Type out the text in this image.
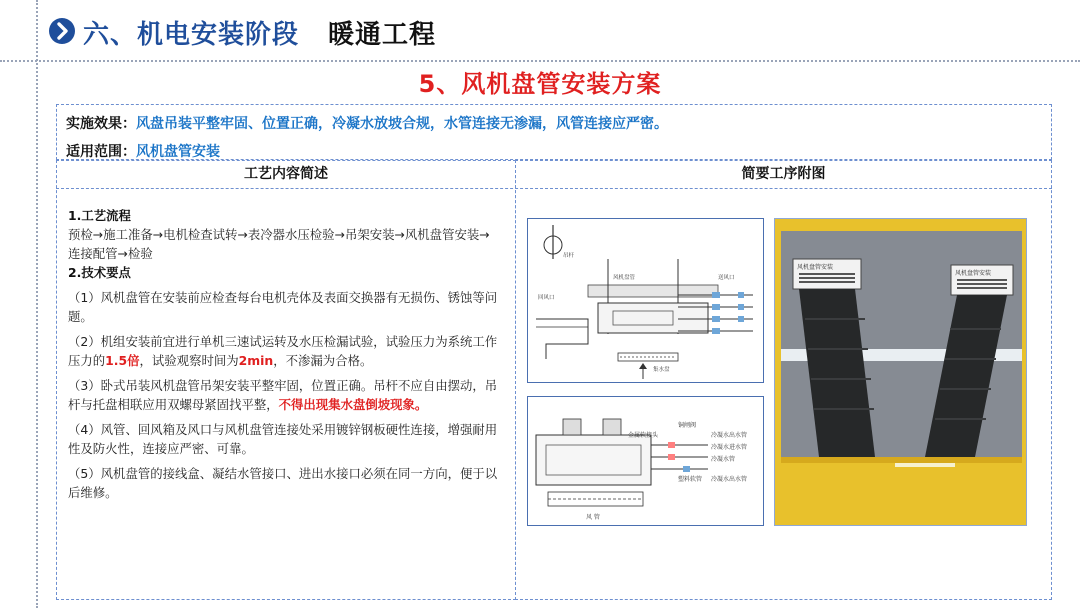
六、机电安装阶段 暖通工程
5、风机盘管安装方案
实施效果：风盘吊装平整牢固、位置正确，冷凝水放坡合规，水管连接无渗漏，风管连接应严密。
适用范围：风机盘管安装
工艺内容简述	简要工序附图
1.工艺流程
预检→施工准备→电机检查试转→表冷器水压检验→吊架安装→风机盘管安装→连接配管→检验
2.技术要点
（1）风机盘管在安装前应检查每台电机壳体及表面交换器有无损伤、锈蚀等问题。
（2）机组安装前宜进行单机三速试运转及水压检漏试验，试验压力为系统工作压力的1.5倍，试验观察时间为2min，不渗漏为合格。
（3）卧式吊装风机盘管吊架安装平整牢固，位置正确。吊杆不应自由摆动，吊杆与托盘相联应用双螺母紧固找平整，不得出现集水盘倒坡现象。
（4）风管、回风箱及风口与风机盘管连接处采用镀锌钢板硬性连接，增强耐用性及防火性，连接应严密、可靠。
（5）风机盘管的接线盒、凝结水管接口、进出水接口必须在同一方向，便于以后维修。
风机盘管
回风口
送风口
吊杆
集水盘
铜闸阀
金属软接头	冷凝水出水管
冷凝水进水管
冷凝水管
塑料软管 冷凝水出水管
风 管
风机盘管安装
风机盘管安装
